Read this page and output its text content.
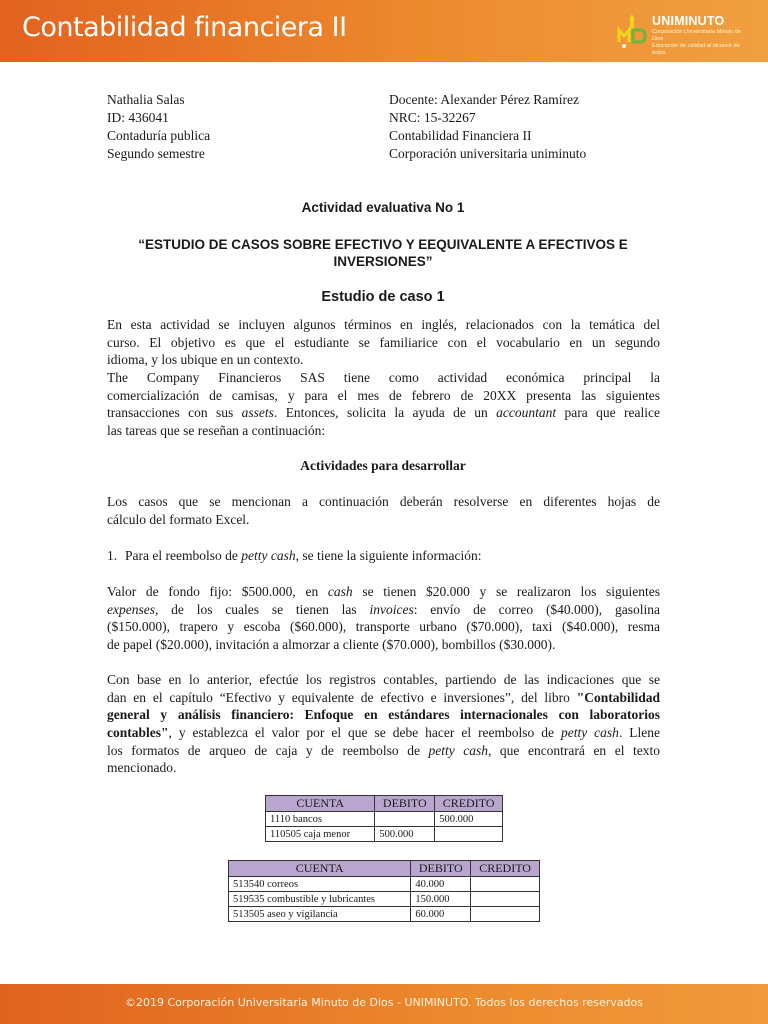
Contabilidad financiera II	UNIMINUTO
Corporación Universitaria Minuto de Dios
Educación de calidad al alcance de todos
Nathalia Salas
ID: 436041
Contaduría publica
Segundo semestre
Docente: Alexander Pérez Ramírez
NRC: 15-32267
Contabilidad Financiera II
Corporación universitaria uniminuto
Actividad evaluativa No 1
“ESTUDIO DE CASOS SOBRE EFECTIVO Y EEQUIVALENTE A EFECTIVOS E
INVERSIONES”
Estudio de caso 1
En esta actividad se incluyen algunos términos en inglés, relacionados con la temática del
curso. El objetivo es que el estudiante se familiarice con el vocabulario en un segundo
idioma, y los ubique en un contexto.
The Company Financieros SAS tiene como actividad económica principal la
comercialización de camisas, y para el mes de febrero de 20XX presenta las siguientes
transacciones con sus assets. Entonces, solicita la ayuda de un accountant para que realice
las tareas que se reseñan a continuación:
Actividades para desarrollar
Los casos que se mencionan a continuación deberán resolverse en diferentes hojas de
cálculo del formato Excel.
1. Para el reembolso de petty cash, se tiene la siguiente información:
Valor de fondo fijo: $500.000, en cash se tienen $20.000 y se realizaron los siguientes
expenses, de los cuales se tienen las invoices: envío de correo ($40.000), gasolina
($150.000), trapero y escoba ($60.000), transporte urbano ($70.000), taxi ($40.000), resma
de papel ($20.000), invitación a almorzar a cliente ($70.000), bombillos ($30.000).
Con base en lo anterior, efectúe los registros contables, partiendo de las indicaciones que se
dan en el capítulo “Efectivo y equivalente de efectivo e inversiones”, del libro "Contabilidad
general y análisis financiero: Enfoque en estándares internacionales con laboratorios
contables", y establezca el valor por el que se debe hacer el reembolso de petty cash. Llene
los formatos de arqueo de caja y de reembolso de petty cash, que encontrará en el texto
mencionado.
CUENTA	DEBITO	CREDITO
1110 bancos		500.000
110505 caja menor	500.000	
CUENTA	DEBITO	CREDITO
513540 correos	40.000	
519535 combustible y lubricantes	150.000	
513505 aseo y vigilancia	60.000	
©2019 Corporación Universitaria Minuto de Dios - UNIMINUTO. Todos los derechos reservados
